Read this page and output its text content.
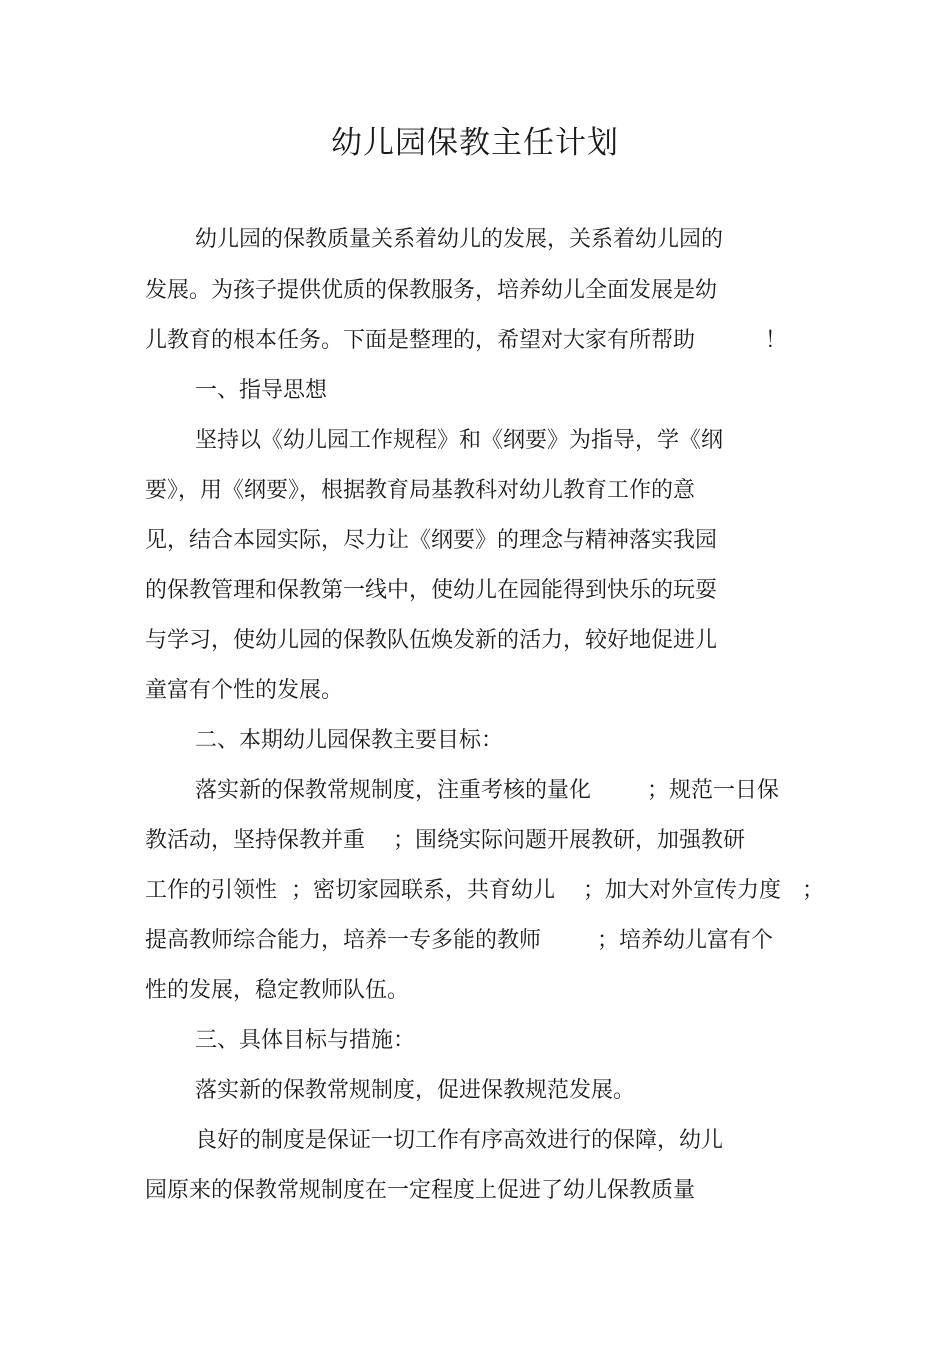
幼儿园保教主任计划

幼儿园的保教质量关系着幼儿的发展，关系着幼儿园的

发展。为孩子提供优质的保教服务，培养幼儿全面发展是幼

儿教育的根本任务。下面是整理的，希望对大家有所帮助          ！

一、指导思想

坚持以《幼儿园工作规程》和《纲要》为指导，学《纲

要》，用《纲要》，根据教育局基教科对幼儿教育工作的意

见，结合本园实际，尽力让《纲要》的理念与精神落实我园

的保教管理和保教第一线中，使幼儿在园能得到快乐的玩耍

与学习，使幼儿园的保教队伍焕发新的活力，较好地促进儿

童富有个性的发展。

二、本期幼儿园保教主要目标：

落实新的保教常规制度，注重考核的量化        ；规范一日保

教活动，坚持保教并重    ；围绕实际问题开展教研，加强教研

工作的引领性  ；密切家园联系，共育幼儿    ；加大对外宣传力度   ；

提高教师综合能力，培养一专多能的教师        ；培养幼儿富有个

性的发展，稳定教师队伍。

三、具体目标与措施：

落实新的保教常规制度，促进保教规范发展。

良好的制度是保证一切工作有序高效进行的保障，幼儿

园原来的保教常规制度在一定程度上促进了幼儿保教质量
